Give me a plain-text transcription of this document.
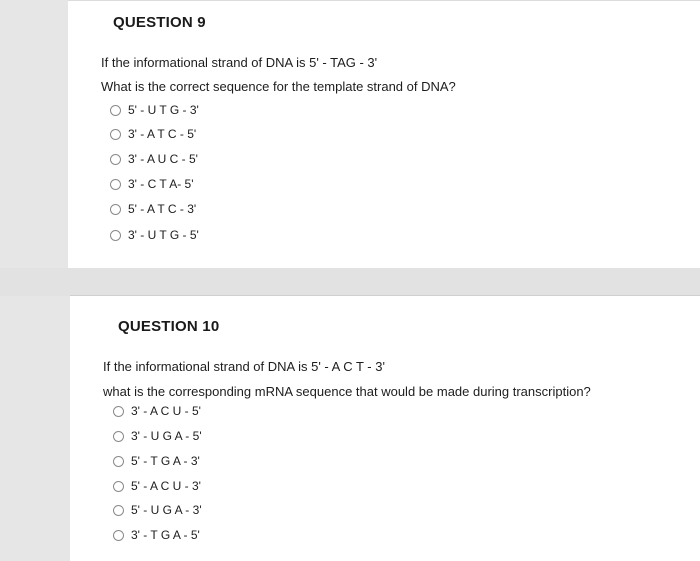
QUESTION 9
If the informational strand of DNA is 5' - TAG - 3'
What is the correct sequence for the template strand of DNA?
5' - U T G - 3'
3' - A T C - 5'
3' - A U C - 5'
3' - C T A- 5'
5' - A T C - 3'
3' - U T G - 5'
QUESTION 10
If the informational strand of DNA is 5' - A C T - 3'
what is the corresponding mRNA sequence that would be made during transcription?
3' - A C U - 5'
3' - U G A - 5'
5' - T G A - 3'
5' - A C U - 3'
5' - U G A - 3'
3' - T G A - 5'
